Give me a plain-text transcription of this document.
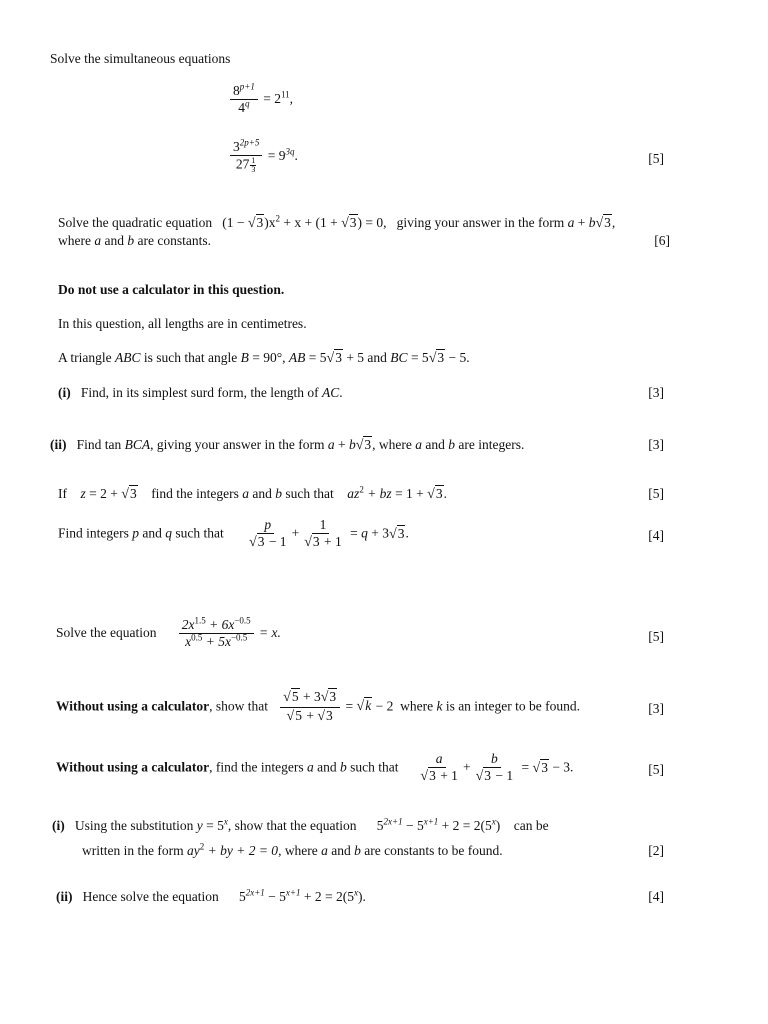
Solve the simultaneous equations
$\frac{8^{p+1}}{4^q} = 2^{11}$,
$\frac{3^{2p+5}}{27 \frac{1}{3}} = 9^{3q}$.	[5]
Solve the quadratic equation $(1 - √3)x^2 + x + (1 + √3) = 0$, giving your answer in the form a + b√3,
where a and b are constants.	[6]
Do not use a calculator in this question.
In this question, all lengths are in centimetres.
A triangle ABC is such that angle B = 90°, AB = 5√3 + 5 and BC = 5√3 − 5.
(i) Find, in its simplest surd form, the length of AC.	[3]
(ii) Find tan BCA, giving your answer in the form a + b√3, where a and b are integers.	[3]
If z = 2 + √3 find the integers a and b such that $az^2$ + bz = 1 + √3.	[5]
Find integers p and q such that $\frac{p}{√3 - 1} + \frac{1}{√3 + 1} = q + 3√3$.	[4]
Solve the equation $\frac{2x^{1.5} + 6x^{-0.5}}{x^{0.5} + 5x^{-0.5}} = x$.	[5]
Without using a calculator, show that $\frac{√5 + 3√3}{√5 + √3} = √k - 2$ where k is an integer to be found.	[3]
Without using a calculator, find the integers a and b such that $\frac{a}{√3 + 1} + \frac{b}{√3 - 1} = √3 - 3$.	[5]
(i) Using the substitution $y = 5^x$, show that the equation $5^{2x+1} - 5^{x+1} + 2 = 2(5^x)$ can be
written in the form $ay^2$ + by + 2 = 0, where a and b are constants to be found.	[2]
(ii) Hence solve the equation $5^{2x+1} - 5^{x+1} + 2 = 2(5^x)$.	[4]
